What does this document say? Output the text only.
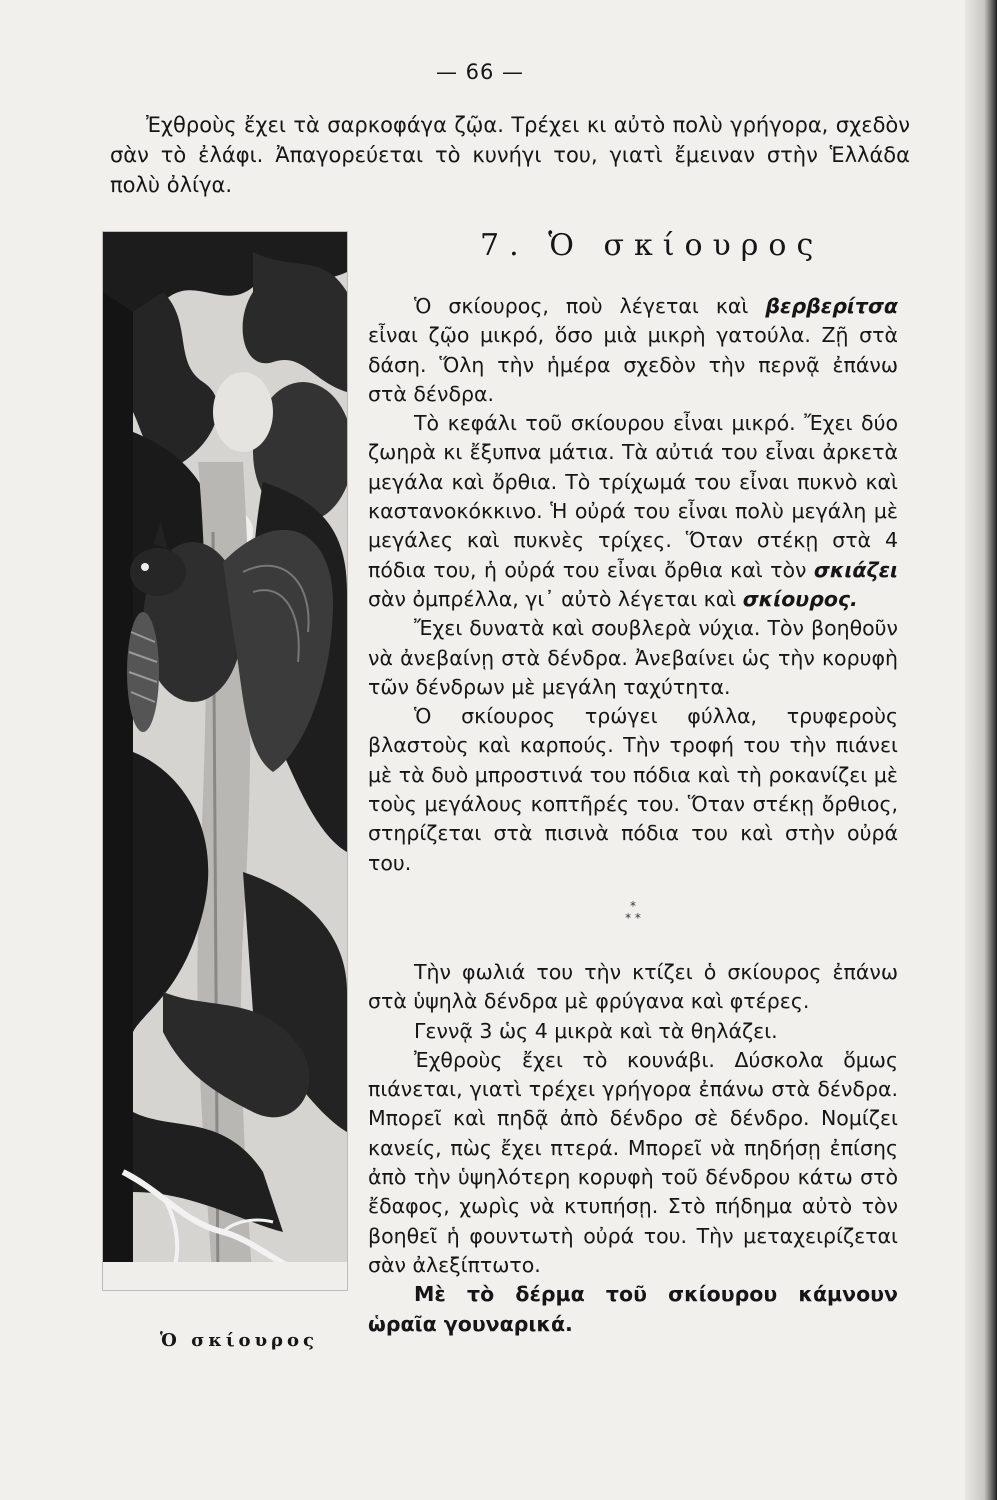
— 66 —

Ἐχθροὺς ἔχει τὰ σαρκοφάγα ζῷα. Τρέχει κι αὐτὸ πολὺ γρήγορα, σχεδὸν σὰν τὸ ἐλάφι. Ἀπαγορεύεται τὸ κυνήγι του, γιατὶ ἔμειναν στὴν Ἑλλάδα πολὺ ὀλίγα.

7. Ὁ σκίουρος
Ὁ σκίουρος

Ὁ σκίουρος, ποὺ λέγεται καὶ βερβερίτσα εἶναι ζῷο μικρό, ὅσο μιὰ μικρὴ γατούλα. Ζῇ στὰ δάση. Ὅλη τὴν ἡμέρα σχεδὸν τὴν περνᾷ ἐπάνω στὰ δένδρα.

Τὸ κεφάλι τοῦ σκίουρου εἶναι μικρό. Ἔχει δύο ζωηρὰ κι ἔξυπνα μάτια. Τὰ αὐτιά του εἶναι ἀρκετὰ μεγάλα καὶ ὄρθια. Τὸ τρίχωμά του εἶναι πυκνὸ καὶ καστανοκόκκινο. Ἡ οὐρά του εἶναι πολὺ μεγάλη μὲ μεγάλες καὶ πυκνὲς τρίχες. Ὅταν στέκῃ στὰ 4 πόδια του, ἡ οὐρά του εἶναι ὄρθια καὶ τὸν σκιάζει σὰν ὀμπρέλλα, γι᾽ αὐτὸ λέγεται καὶ σκίουρος.

Ἔχει δυνατὰ καὶ σουβλερὰ νύχια. Τὸν βοηθοῦν νὰ ἀνεβαίνῃ στὰ δένδρα. Ἀνεβαίνει ὡς τὴν κορυφὴ τῶν δένδρων μὲ μεγάλη ταχύτητα.

Ὁ σκίουρος τρώγει φύλλα, τρυφεροὺς βλαστοὺς καὶ καρπούς. Τὴν τροφή του τὴν πιάνει μὲ τὰ δυὸ μπροστινά του πόδια καὶ τὴ ροκανίζει μὲ τοὺς μεγάλους κοπτῆρές του. Ὅταν στέκῃ ὄρθιος, στηρίζεται στὰ πισινὰ πόδια του καὶ στὴν οὐρά του.

*
* *

Τὴν φωλιά του τὴν κτίζει ὁ σκίουρος ἐπάνω στὰ ὑψηλὰ δένδρα μὲ φρύγανα καὶ φτέρες.

Γεννᾷ 3 ὡς 4 μικρὰ καὶ τὰ θηλάζει.

Ἐχθροὺς ἔχει τὸ κουνάβι. Δύσκολα ὅμως πιάνεται, γιατὶ τρέχει γρήγορα ἐπάνω στὰ δένδρα. Μπορεῖ καὶ πηδᾷ ἀπὸ δένδρο σὲ δένδρο. Νομίζει κανείς, πὼς ἔχει πτερά. Μπορεῖ νὰ πηδήσῃ ἐπίσης ἀπὸ τὴν ὑψηλότερη κορυφὴ τοῦ δένδρου κάτω στὸ ἔδαφος, χωρὶς νὰ κτυπήσῃ. Στὸ πήδημα αὐτὸ τὸν βοηθεῖ ἡ φουντωτὴ οὐρά του. Τὴν μεταχειρίζεται σὰν ἀλεξίπτωτο.

Μὲ τὸ δέρμα τοῦ σκίουρου κάμνουν ὡραῖα γουναρικά.
